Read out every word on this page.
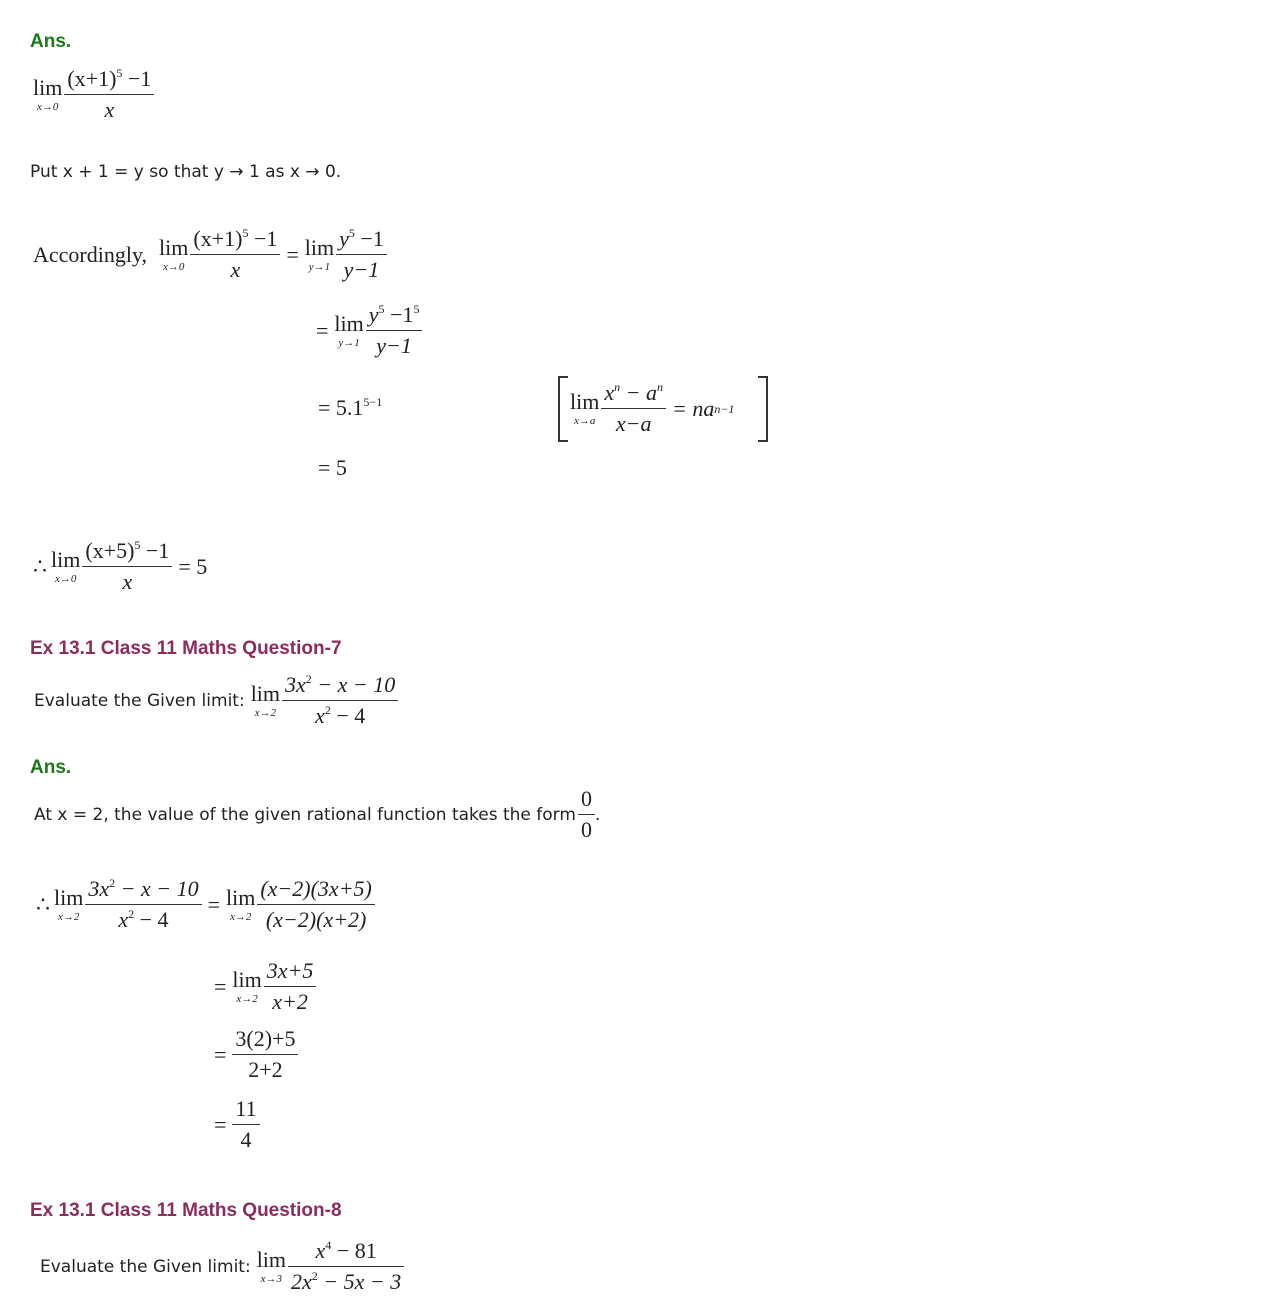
Ans.
lim
$x\to 0 \frac{(x+1)^5 -1}{x}$
Put x + 1 = y so that y → 1 as x → 0.
Accordingly, lim
$x\to 0 \frac{(x+1)^5 -1}{x} = \lim$
$y\to 1 \frac{y^5 -1}{y-1}$
= lim
$y\to 1 \frac{y^5 -1^5}{y-1}$
= $5.1^{5-1}$	lim
$x\to a \frac{x^n - a^n}{x-a}$ = na n−1
= 5
∴ lim
$x\to 0 \frac{(x+5)^5 -1}{x} = 5$
Ex 13.1 Class 11 Maths Question-7
Evaluate the Given limit: lim
$x\to 2 \frac{3x^2 - x - 10}{x^2 - 4}$
Ans.
At x = 2, the value of the given rational function takes the form $\frac{0}{0}$ .
∴ lim
$x\to 2 \frac{3x^2 - x - 10}{x^2 - 4} = \lim$
$x\to 2 \frac{(x-2)(3x+5)}{(x-2)(x+2)}$
= lim
$x\to 2 \frac{3x+5}{x+2}$
= $\frac{3(2)+5}{2+2}$
= $\frac{11}{4}$
Ex 13.1 Class 11 Maths Question-8
Evaluate the Given limit: lim
$x\to 3 \frac{x^4 - 81}{2x^2 - 5x - 3}$
